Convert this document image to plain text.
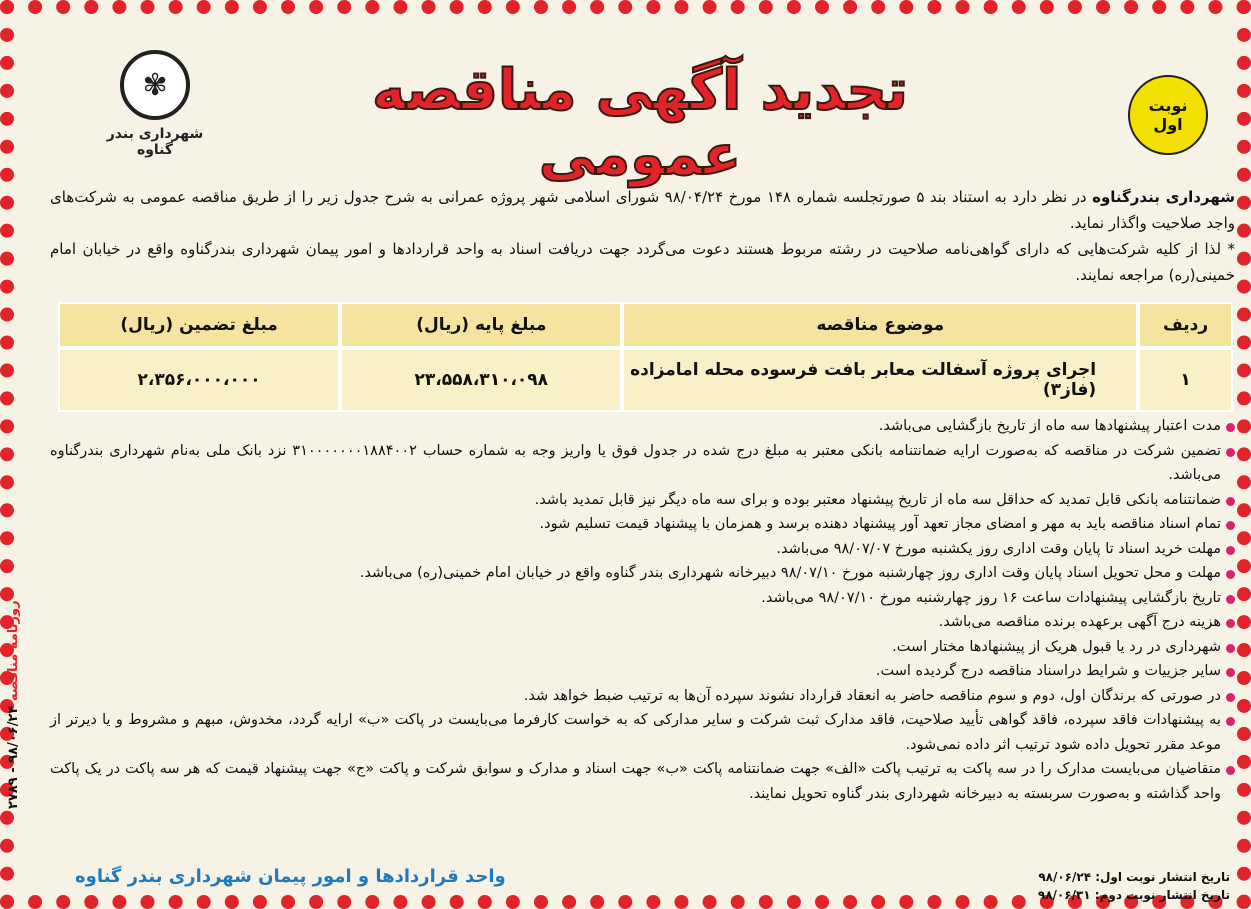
✾
شهرداری بندر گناوه
تجدید آگهی مناقصه عمومی
نوبت
اول
شهرداری بندرگناوه در نظر دارد به استناد بند ۵ صورتجلسه شماره ۱۴۸ مورخ ۹۸/۰۴/۲۴ شورای اسلامی شهر پروژه عمرانی به شرح جدول زیر را از طریق مناقصه عمومی به شرکت‌های واجد صلاحیت واگذار نماید.
* لذا از کلیه شرکت‌هایی که دارای گواهی‌نامه صلاحیت در رشته مربوط هستند دعوت می‌گردد جهت دریافت اسناد به واحد قراردادها و امور پیمان شهرداری بندرگناوه واقع در خیابان امام خمینی(ره) مراجعه نمایند.
ردیف	موضوع مناقصه	مبلغ پایه (ریال)	مبلغ تضمین (ریال)
۱	اجرای پروژه آسفالت معابر بافت فرسوده محله امامزاده (فاز۳)	۲۳،۵۵۸،۳۱۰،۰۹۸	۲،۳۵۶،۰۰۰،۰۰۰
مدت اعتبار پیشنهادها سه ماه از تاریخ بازگشایی می‌باشد.
تضمین شرکت در مناقصه که به‌صورت ارایه ضمانتنامه بانکی معتبر به مبلغ درج شده در جدول فوق یا واریز وجه به شماره حساب ۳۱۰۰۰۰۰۰۰۱۸۸۴۰۰۲ نزد بانک ملی به‌نام شهرداری بندرگناوه می‌باشد.
ضمانتنامه بانکی قابل تمدید که حداقل سه ماه از تاریخ پیشنهاد معتبر بوده و برای سه ماه دیگر نیز قابل تمدید باشد.
تمام اسناد مناقصه باید به مهر و امضای مجاز تعهد آور پیشنهاد دهنده برسد و همزمان با پیشنهاد قیمت تسلیم شود.
مهلت خرید اسناد تا پایان وقت اداری روز یکشنبه مورخ ۹۸/۰۷/۰۷ می‌باشد.
مهلت و محل تحویل اسناد پایان وقت اداری روز چهارشنبه مورخ ۹۸/۰۷/۱۰ دبیرخانه شهرداری بندر گناوه واقع در خیابان امام خمینی(ره) می‌باشد.
تاریخ بازگشایی پیشنهادات ساعت ۱۶ روز چهارشنبه مورخ ۹۸/۰۷/۱۰ می‌باشد.
هزینه درج آگهی برعهده برنده مناقصه می‌باشد.
شهرداری در رد یا قبول هریک از پیشنهادها مختار است.
سایر جزییات و شرایط دراسناد مناقصه درج گردیده است.
در صورتی که برندگان اول، دوم و سوم مناقصه حاضر به انعقاد قرارداد نشوند سپرده آن‌ها به ترتیب ضبط خواهد شد.
به پیشنهادات فاقد سپرده، فاقد گواهی تأیید صلاحیت، فاقد مدارک ثبت شرکت و سایر مدارکی که به خواست کارفرما می‌بایست در پاکت «ب» ارایه گردد، مخدوش، مبهم و مشروط و یا دیرتر از موعد مقرر تحویل داده شود ترتیب اثر داده نمی‌شود.
متقاضیان می‌بایست مدارک را در سه پاکت به ترتیب پاکت «الف» جهت ضمانتنامه پاکت «ب» جهت اسناد و مدارک و سوابق شرکت و پاکت «ج» جهت پیشنهاد قیمت که هر سه پاکت در یک پاکت واحد گذاشته و به‌صورت سربسته به دبیرخانه شهرداری بندر گناوه تحویل نمایند.
تاریخ انتشار نوبت اول: ۹۸/۰۶/۲۴
تاریخ انتشار نوبت دوم: ۹۸/۰۶/۳۱
واحد قراردادها و امور پیمان شهرداری بندر گناوه
روزنامه مناقصه ۹۸/۰۶/۲۴ - ۲۷۸۹
